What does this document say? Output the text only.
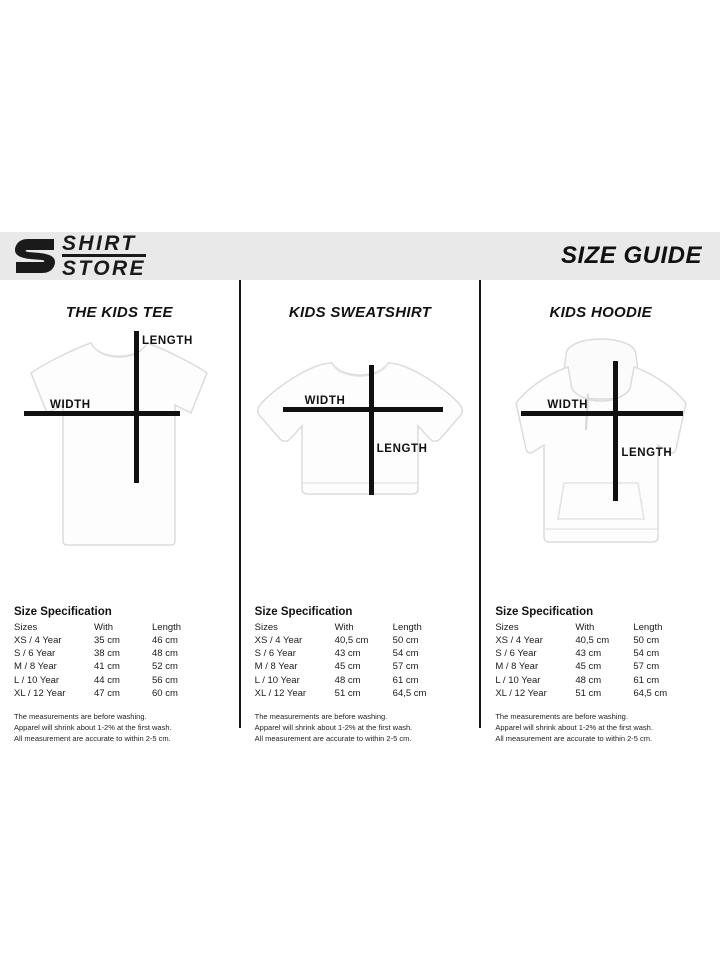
SHIRT
STORE	SIZE GUIDE
THE KIDS TEE
LENGTH
WIDTH
Size Specification
Sizes	With	Length
XS / 4 Year	35 cm	46 cm
S / 6 Year	38 cm	48 cm
M / 8 Year	41 cm	52 cm
L / 10 Year	44 cm	56 cm
XL / 12 Year	47 cm	60 cm
The measurements are before washing.
Apparel will shrink about 1-2% at the first wash.
All measurement are accurate to within 2-5 cm.
KIDS SWEATSHIRT
WIDTH
LENGTH
Size Specification
Sizes	With	Length
XS / 4 Year	40,5 cm	50 cm
S / 6 Year	43 cm	54 cm
M / 8 Year	45 cm	57 cm
L / 10 Year	48 cm	61 cm
XL / 12 Year	51 cm	64,5 cm
The measurements are before washing.
Apparel will shrink about 1-2% at the first wash.
All measurement are accurate to within 2-5 cm.
KIDS HOODIE
WIDTH
LENGTH
Size Specification
Sizes	With	Length
XS / 4 Year	40,5 cm	50 cm
S / 6 Year	43 cm	54 cm
M / 8 Year	45 cm	57 cm
L / 10 Year	48 cm	61 cm
XL / 12 Year	51 cm	64,5 cm
The measurements are before washing.
Apparel will shrink about 1-2% at the first wash.
All measurement are accurate to within 2-5 cm.
